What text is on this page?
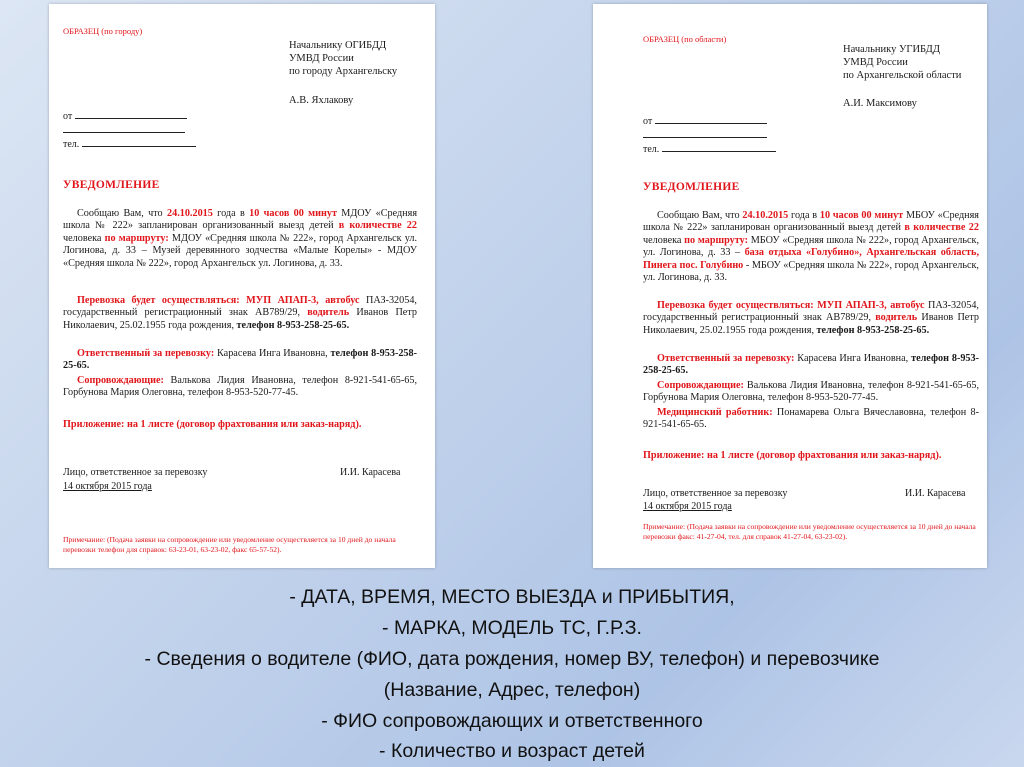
ОБРАЗЕЦ (по городу)
Начальнику ОГИБДД
УМВД России
по городу Архангельску
А.В. Яхлакову
от
тел.
УВЕДОМЛЕНИЕ
Сообщаю Вам, что 24.10.2015 года в 10 часов 00 минут МДОУ «Средняя школа № 222» запланирован организованный выезд детей в количестве 22 человека по маршруту: МДОУ «Средняя школа № 222», город Архангельск ул. Логинова, д. 33 – Музей деревянного зодчества «Малые Корелы» - МДОУ «Средняя школа № 222», город Архангельск ул. Логинова, д. 33.
Перевозка будет осуществляться: МУП АПАП-3, автобус ПАЗ-32054, государственный регистрационный знак АВ789/29, водитель Иванов Петр Николаевич, 25.02.1955 года рождения, телефон 8-953-258-25-65.
Ответственный за перевозку: Карасева Инга Ивановна, телефон 8-953-258-25-65.
Сопровождающие: Валькова Лидия Ивановна, телефон 8-921-541-65-65, Горбунова Мария Олеговна, телефон 8-953-520-77-45.
Приложение: на 1 листе (договор фрахтования или заказ-наряд).
Лицо, ответственное за перевозку	И.И. Карасева
14 октября 2015 года
Примечание: (Подача заявки на сопровождение или уведомление осуществляется за 10 дней до начала перевозки телефон для справок: 63-23-01, 63-23-02, факс 65-57-52).
ОБРАЗЕЦ (по области)
Начальнику УГИБДД
УМВД России
по Архангельской области
А.И. Максимову
от
тел.
УВЕДОМЛЕНИЕ
Сообщаю Вам, что 24.10.2015 года в 10 часов 00 минут МБОУ «Средняя школа № 222» запланирован организованный выезд детей в количестве 22 человека по маршруту: МБОУ «Средняя школа № 222», город Архангельск, ул. Логинова, д. 33 – база отдыха «Голубино», Архангельская область, Пинега пос. Голубино - МБОУ «Средняя школа № 222», город Архангельск, ул. Логинова, д. 33.
Перевозка будет осуществляться: МУП АПАП-3, автобус ПАЗ-32054, государственный регистрационный знак АВ789/29, водитель Иванов Петр Николаевич, 25.02.1955 года рождения, телефон 8-953-258-25-65.
Ответственный за перевозку: Карасева Инга Ивановна, телефон 8-953-258-25-65.
Сопровождающие: Валькова Лидия Ивановна, телефон 8-921-541-65-65, Горбунова Мария Олеговна, телефон 8-953-520-77-45.
Медицинский работник: Понамарева Ольга Вячеславовна, телефон 8-921-541-65-65.
Приложение: на 1 листе (договор фрахтования или заказ-наряд).
Лицо, ответственное за перевозку	И.И. Карасева
14 октября 2015 года
Примечание: (Подача заявки на сопровождение или уведомление осуществляется за 10 дней до начала перевозки факс: 41-27-04, тел. для справок 41-27-04, 63-23-02).
- ДАТА, ВРЕМЯ, МЕСТО ВЫЕЗДА и ПРИБЫТИЯ,
- МАРКА, МОДЕЛЬ ТС, Г.Р.З.
- Сведения о водителе (ФИО, дата рождения, номер ВУ, телефон) и перевозчике
(Название, Адрес, телефон)
- ФИО сопровождающих и ответственного
- Количество и возраст детей
